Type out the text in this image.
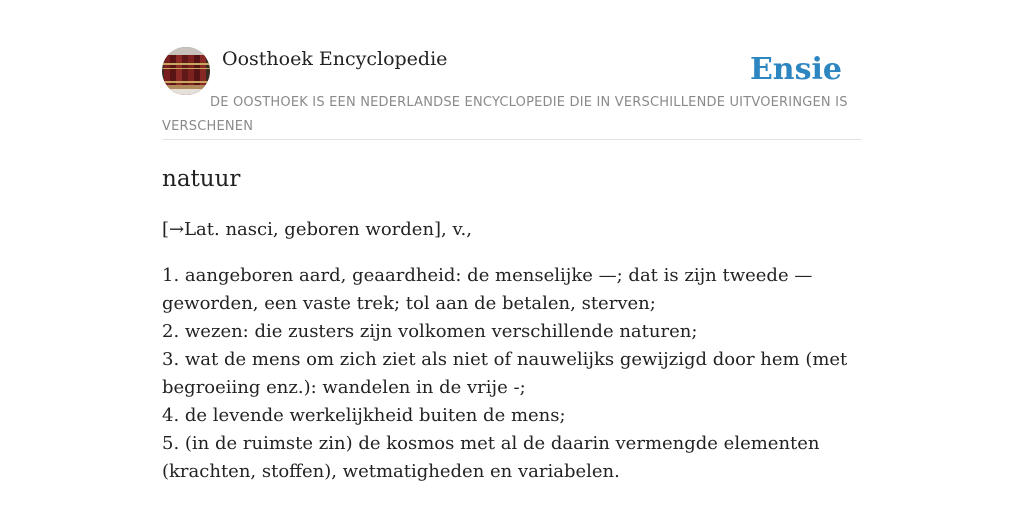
Oosthoek Encyclopedie	Ensie
DE OOSTHOEK IS EEN NEDERLANDSE ENCYCLOPEDIE DIE IN VERSCHILLENDE UITVOERINGEN IS VERSCHENEN
natuur
[→Lat. nasci, geboren worden], v.,
1. aangeboren aard, geaardheid: de menselijke —; dat is zijn tweede — geworden, een vaste trek; tol aan de betalen, sterven;
2. wezen: die zusters zijn volkomen verschillende naturen;
3. wat de mens om zich ziet als niet of nauwelijks gewijzigd door hem (met begroeiing enz.): wandelen in de vrije -;
4. de levende werkelijkheid buiten de mens;
5. (in de ruimste zin) de kosmos met al de daarin vermengde elementen (krachten, stoffen), wetmatigheden en variabelen.
